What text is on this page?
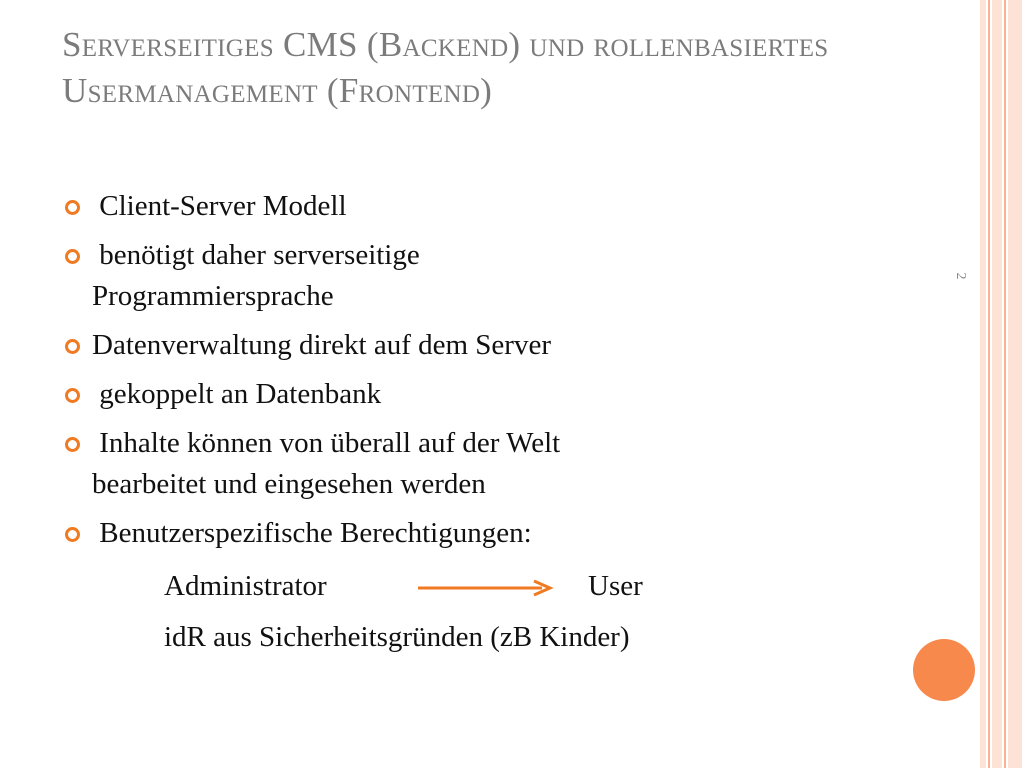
Serverseitiges CMS (Backend) und rollenbasiertes Usermanagement (Frontend)
Client-Server Modell
benötigt daher serverseitige
Programmiersprache
Datenverwaltung direkt auf dem Server
gekoppelt an Datenbank
Inhalte können von überall auf der Welt
bearbeitet und eingesehen werden
Benutzerspezifische Berechtigungen:
Administrator	User
idR aus Sicherheitsgründen (zB Kinder)
2
